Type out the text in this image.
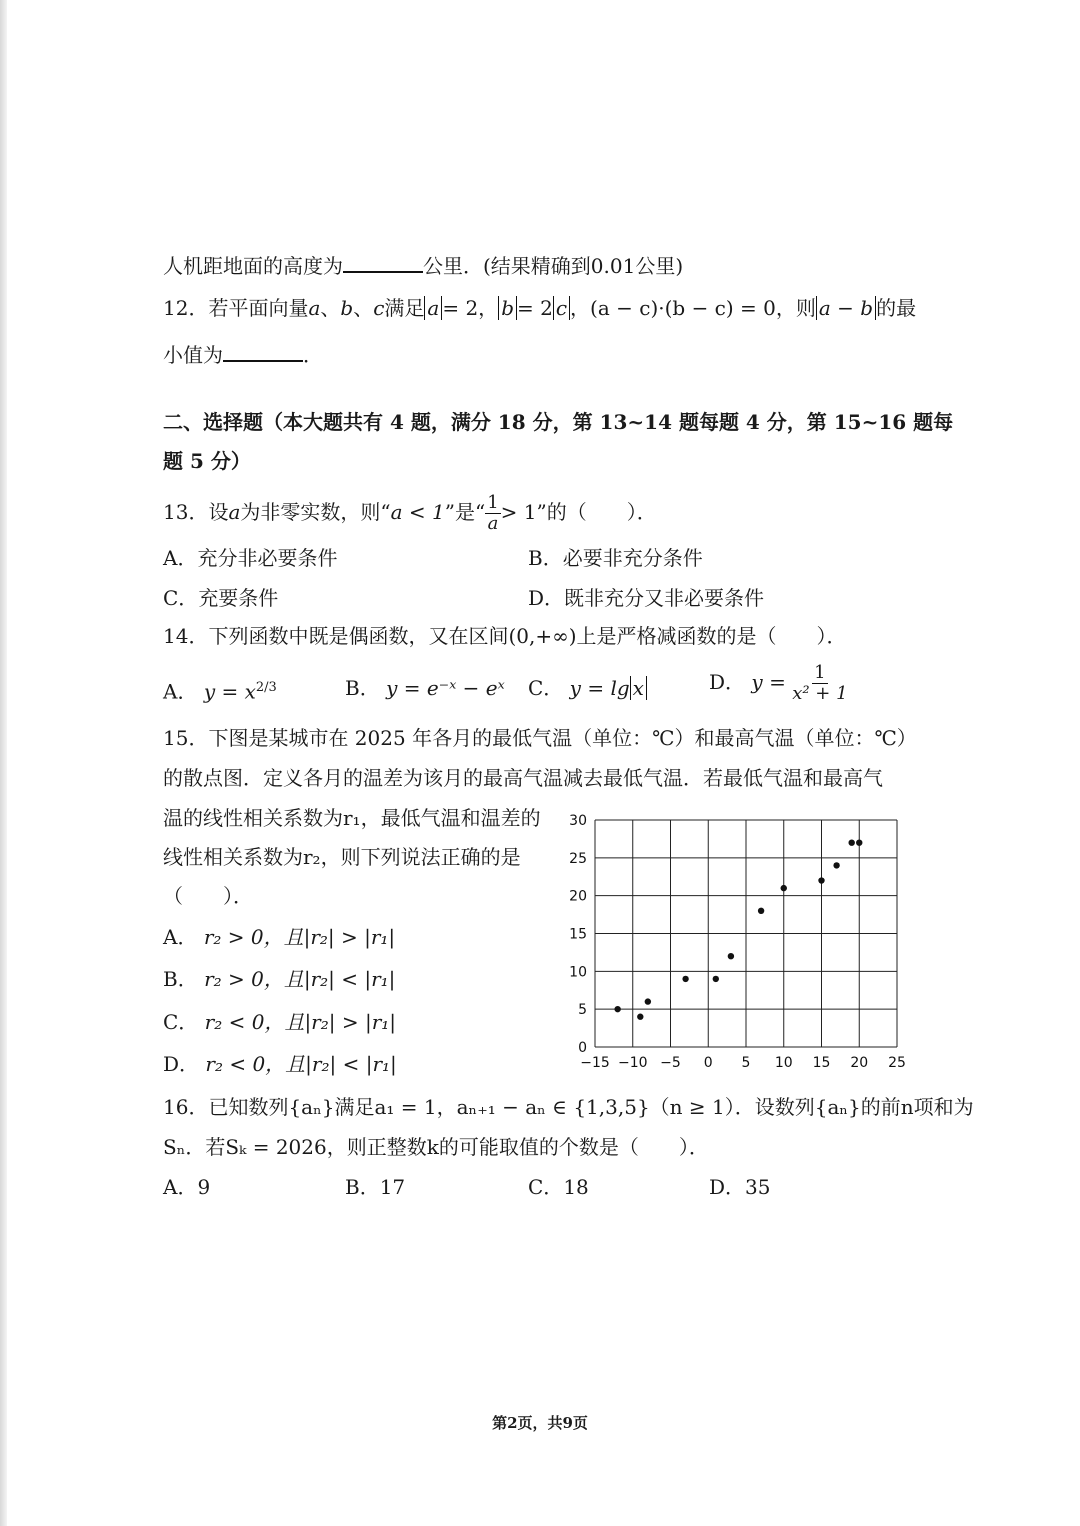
人机距地面的高度为	公里．(结果精确到0.01公里)
12．若平面向量a、b、c满足 a = 2， b = 2 c ，(a − c)·(b − c) = 0，则 a − b 的最
小值为	．
二、选择题（本大题共有 4 题，满分 18 分，第 13~14 题每题 4 分，第 15~16 题每
题 5 分）
13．设a为非零实数，则“a < 1”是“ $\frac{1}{a} > 1$”的（　　）．
A．充分非必要条件	B．必要非充分条件
C．充要条件	D．既非充分又非必要条件
14．下列函数中既是偶函数，又在区间(0,+∞)上是严格减函数的是（　　）．
A． $y = x^{2/3}$	B． y = e⁻ˣ − eˣ C． y = lg x	D． $y = \frac{1}{\text{x² + 1}}$
15．下图是某城市在 2025 年各月的最低气温（单位：℃）和最高气温（单位：℃）
的散点图．定义各月的温差为该月的最高气温减去最低气温．若最低气温和最高气
温的线性相关系数为r₁，最低气温和温差的
线性相关系数为r₂，则下列说法正确的是
（　　）．
A． r₂ > 0，且|r₂| > |r₁|
B． r₂ > 0，且|r₂| < |r₁|
C． r₂ < 0，且|r₂| > |r₁|
D． r₂ < 0，且|r₂| < |r₁|	−15 −10 −5 0 5 10 15 20 25
0
5
10
15
20
25
30
16．已知数列{aₙ}满足a₁ = 1，aₙ₊₁ − aₙ ∈ {1,3,5}（n ≥ 1）．设数列{aₙ}的前n项和为
Sₙ．若Sₖ = 2026，则正整数k的可能取值的个数是（　　）．
A．9	B．17	C．18	D．35
第2页，共9页
